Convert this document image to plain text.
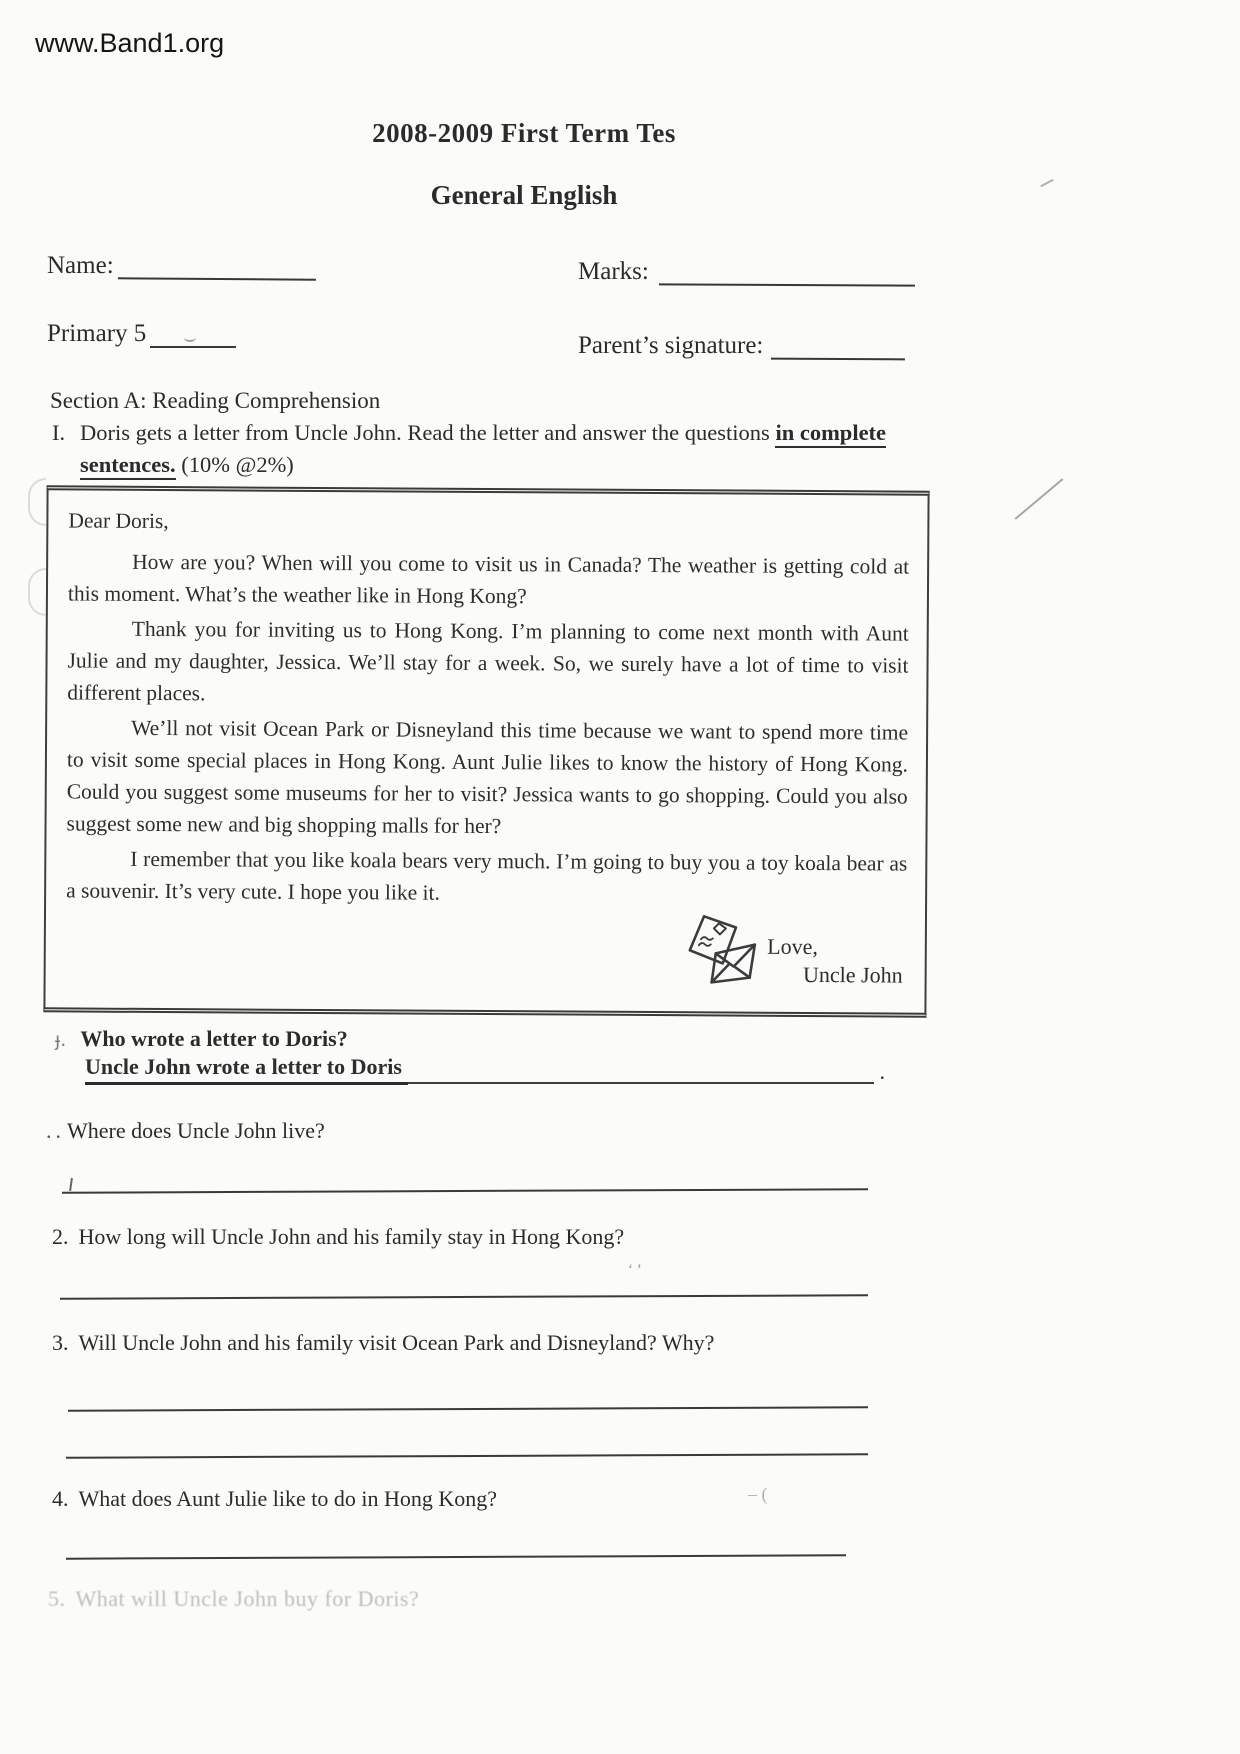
www.Band1.org
2008-2009 First Term Tes
General English
Name:	Marks:
Primary 5	Parent’s signature:
Section A: Reading Comprehension
I. Doris gets a letter from Uncle John. Read the letter and answer the questions in complete
sentences. (10% @2%)
Dear Doris,

How are you? When will you come to visit us in Canada? The weather is getting cold at this moment. What’s the weather like in Hong Kong?

Thank you for inviting us to Hong Kong. I’m planning to come next month with Aunt Julie and my daughter, Jessica. We’ll stay for a week. So, we surely have a lot of time to visit different places.

We’ll not visit Ocean Park or Disneyland this time because we want to spend more time to visit some special places in Hong Kong. Aunt Julie likes to know the history of Hong Kong. Could you suggest some museums for her to visit? Jessica wants to go shopping. Could you also suggest some new and big shopping malls for her?

I remember that you like koala bears very much. I’m going to buy you a toy koala bear as a souvenir. It’s very cute. I hope you like it.

Love,
Uncle John
ɟ. Who wrote a letter to Doris?
Uncle John wrote a letter to Doris	.
..Where does Uncle John live?
2. How long will Uncle John and his family stay in Hong Kong?
3. Will Uncle John and his family visit Ocean Park and Disneyland? Why?
4. What does Aunt Julie like to do in Hong Kong?
5. What will Uncle John buy for Doris?
‘ ’
– (
